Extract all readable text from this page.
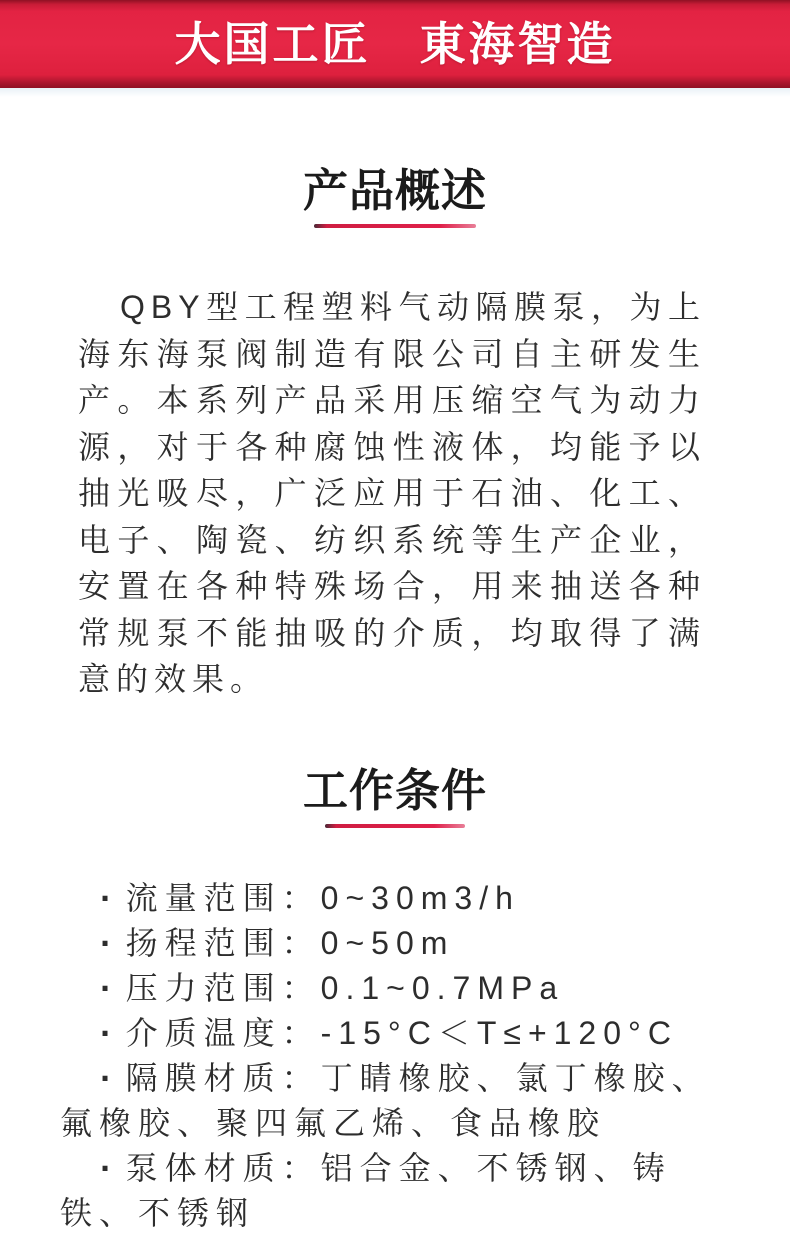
大国工匠　東海智造
产品概述

QBY型工程塑料气动隔膜泵，为上海东海泵阀制造有限公司自主研发生产。本系列产品采用压缩空气为动力源，对于各种腐蚀性液体，均能予以抽光吸尽，广泛应用于石油、化工、电子、陶瓷、纺织系统等生产企业，安置在各种特殊场合，用来抽送各种常规泵不能抽吸的介质，均取得了满意的效果。

工作条件
· 流量范围：0~30m3/h
· 扬程范围：0~50m
· 压力范围：0.1~0.7MPa
· 介质温度：-15°C＜T≤+120°C
· 隔膜材质：丁睛橡胶、氯丁橡胶、氟橡胶、聚四氟乙烯、食品橡胶
· 泵体材质：铝合金、不锈钢、铸铁、不锈钢
